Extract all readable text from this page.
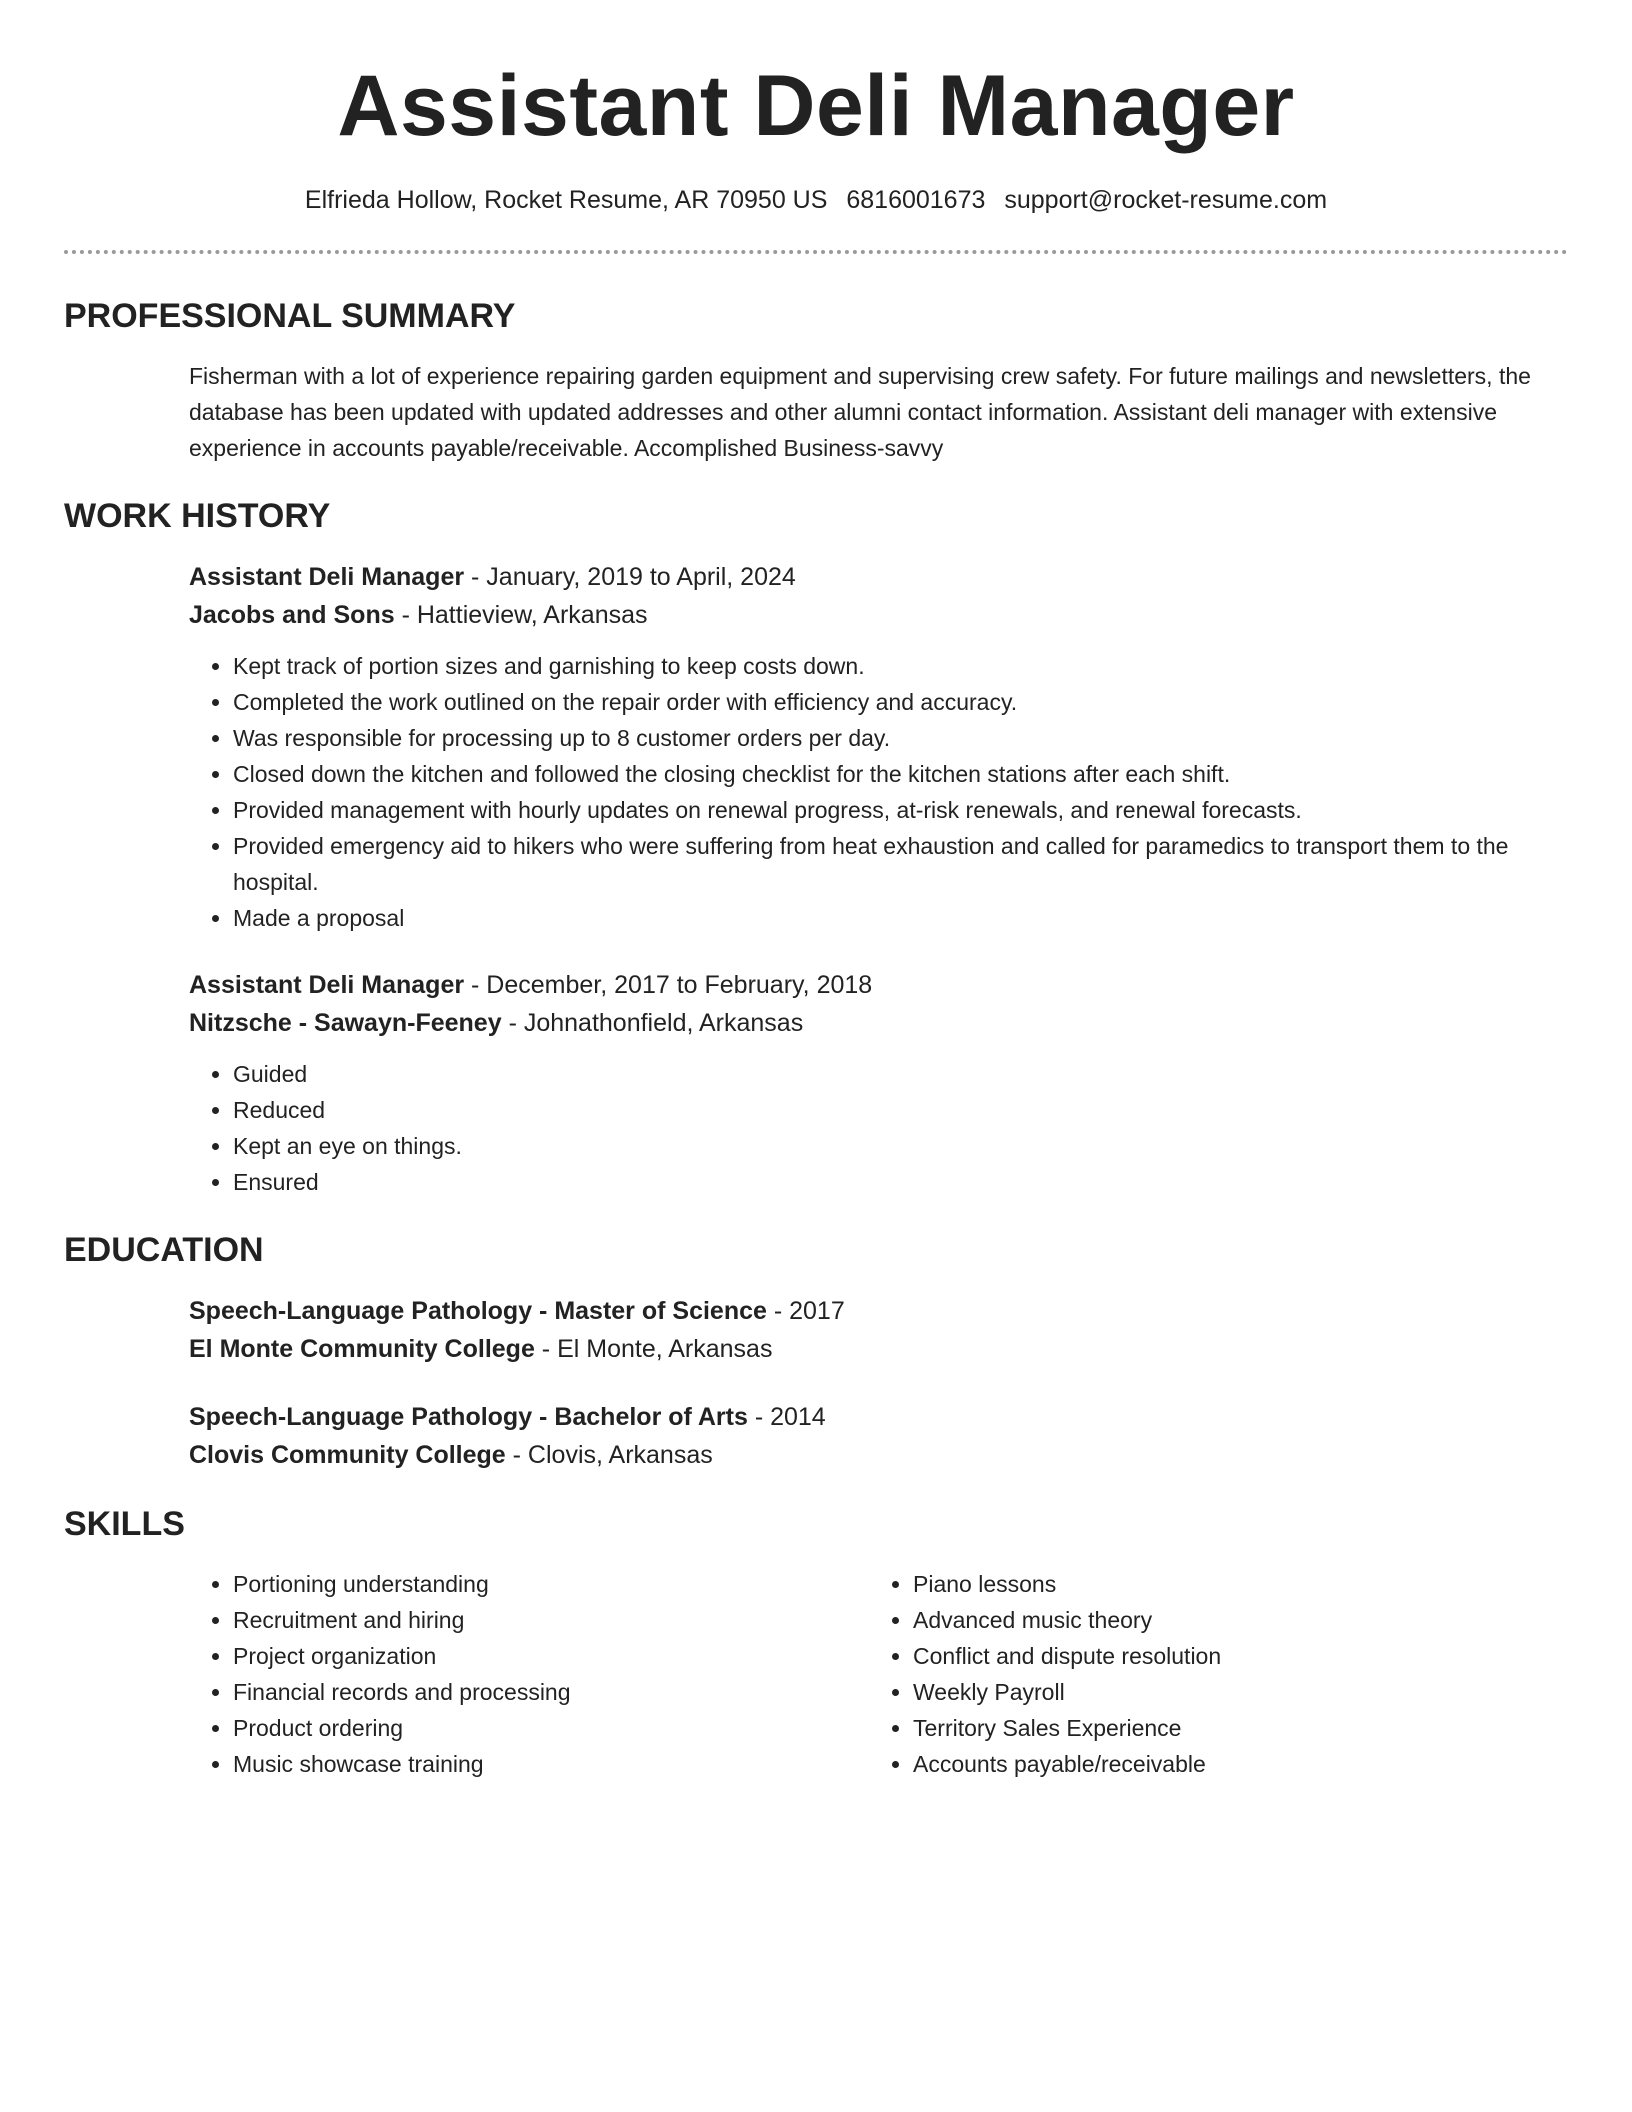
Assistant Deli Manager
Elfrieda Hollow, Rocket Resume, AR 70950 US 6816001673 support@rocket-resume.com
PROFESSIONAL SUMMARY

Fisherman with a lot of experience repairing garden equipment and supervising crew safety. For future mailings and newsletters, the database has been updated with updated addresses and other alumni contact information. Assistant deli manager with extensive experience in accounts payable/receivable. Accomplished Business-savvy

WORK HISTORY
Assistant Deli Manager - January, 2019 to April, 2024
Jacobs and Sons - Hattieview, Arkansas
• Kept track of portion sizes and garnishing to keep costs down.
• Completed the work outlined on the repair order with efficiency and accuracy.
• Was responsible for processing up to 8 customer orders per day.
• Closed down the kitchen and followed the closing checklist for the kitchen stations after each shift.
• Provided management with hourly updates on renewal progress, at-risk renewals, and renewal forecasts.
• Provided emergency aid to hikers who were suffering from heat exhaustion and called for paramedics to transport them to the hospital.
• Made a proposal
Assistant Deli Manager - December, 2017 to February, 2018
Nitzsche - Sawayn-Feeney - Johnathonfield, Arkansas
• Guided
• Reduced
• Kept an eye on things.
• Ensured
EDUCATION
Speech-Language Pathology - Master of Science - 2017
El Monte Community College - El Monte, Arkansas
Speech-Language Pathology - Bachelor of Arts - 2014
Clovis Community College - Clovis, Arkansas
SKILLS
• Portioning understanding
• Recruitment and hiring
• Project organization
• Financial records and processing
• Product ordering
• Music showcase training
• Piano lessons
• Advanced music theory
• Conflict and dispute resolution
• Weekly Payroll
• Territory Sales Experience
• Accounts payable/receivable
